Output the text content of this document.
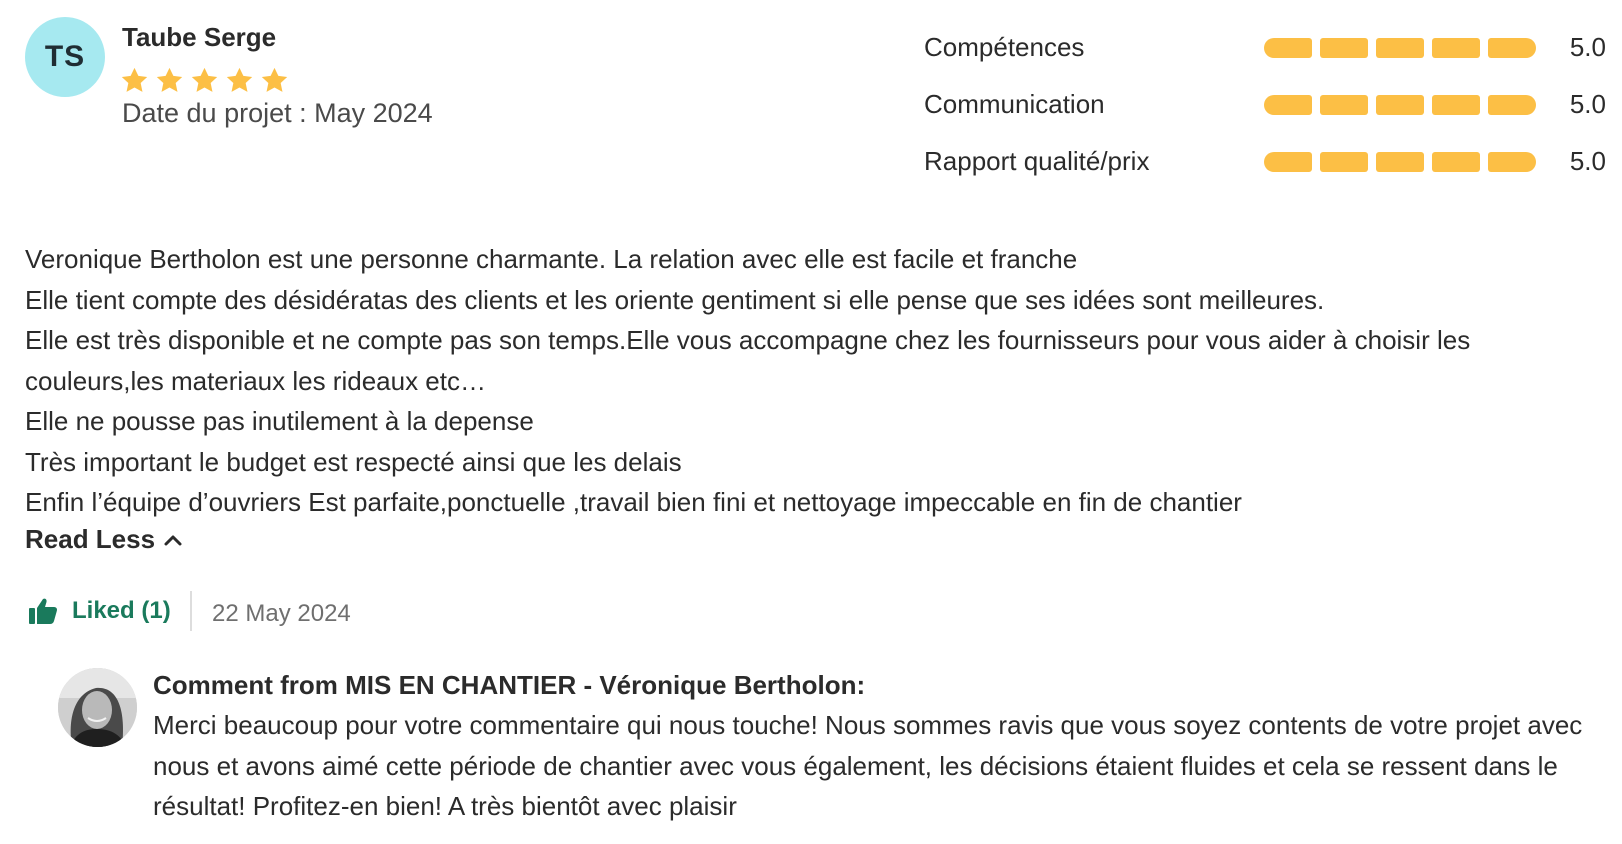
TS
Taube Serge
Date du projet : May 2024
Compétences	5.0
Communication	5.0
Rapport qualité/prix	5.0

Veronique Bertholon est une personne charmante. La relation avec elle est facile et franche

Elle tient compte des désidératas des clients et les oriente gentiment si elle pense que ses idées sont meilleures.

Elle est très disponible et ne compte pas son temps.Elle vous accompagne chez les fournisseurs pour vous aider à choisir les couleurs,les materiaux les rideaux etc…

Elle ne pousse pas inutilement à la depense

Très important le budget est respecté ainsi que les delais

Enfin l’équipe d’ouvriers Est parfaite,ponctuelle ,travail bien fini et nettoyage impeccable en fin de chantier

Read Less
Liked (1) 22 May 2024
Comment from MIS EN CHANTIER - Véronique Bertholon:
Merci beaucoup pour votre commentaire qui nous touche! Nous sommes ravis que vous soyez contents de votre projet avec nous et avons aimé cette période de chantier avec vous également, les décisions étaient fluides et cela se ressent dans le résultat! Profitez-en bien! A très bientôt avec plaisir
